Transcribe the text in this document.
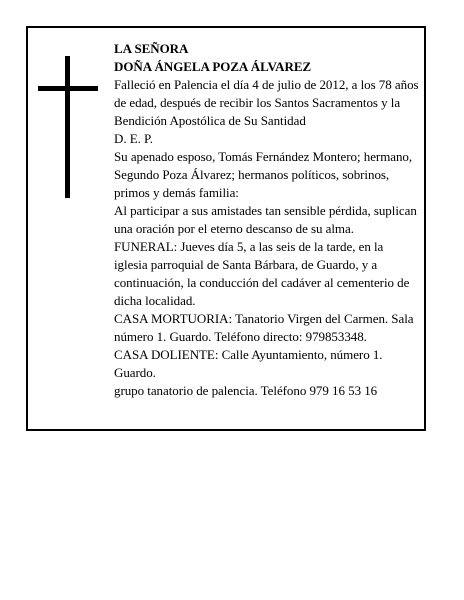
LA SEÑORA

DOÑA ÁNGELA POZA ÁLVAREZ

Falleció en Palencia el día 4 de julio de 2012, a los 78 años de edad, después de recibir los Santos Sacramentos y la Bendición Apostólica de Su Santidad

D. E. P.

Su apenado esposo, Tomás Fernández Montero; hermano, Segundo Poza Álvarez; hermanos políticos, sobrinos, primos y demás familia:

Al participar a sus amistades tan sensible pérdida, suplican una oración por el eterno descanso de su alma.

FUNERAL: Jueves día 5, a las seis de la tarde, en la iglesia parroquial de Santa Bárbara, de Guardo, y a continuación, la conducción del cadáver al cementerio de dicha localidad.

CASA MORTUORIA: Tanatorio Virgen del Carmen. Sala número 1. Guardo. Teléfono directo: 979853348.

CASA DOLIENTE: Calle Ayuntamiento, número 1. Guardo.

grupo tanatorio de palencia. Teléfono 979 16 53 16
